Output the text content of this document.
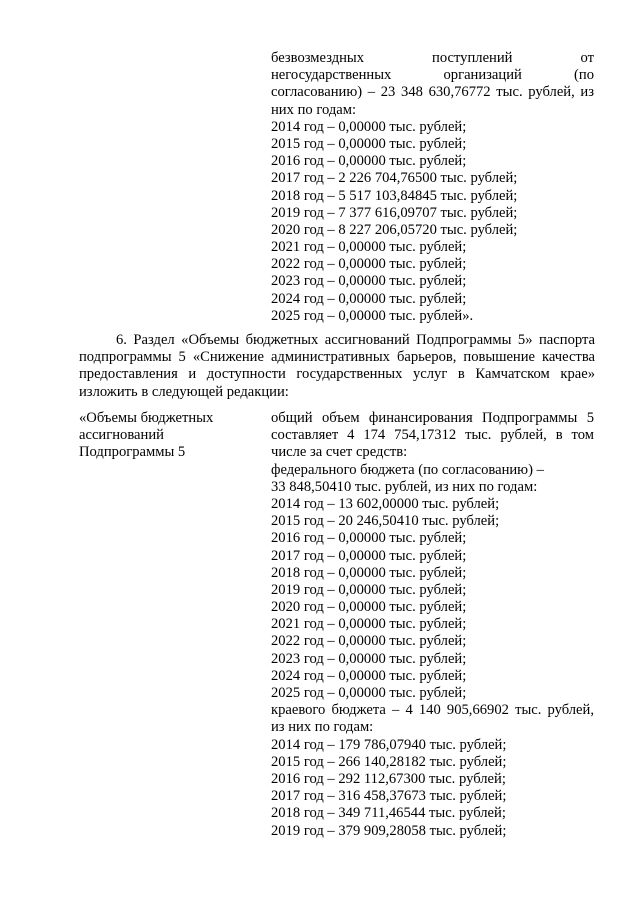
безвозмездных поступлений от
негосударственных организаций (по
согласованию) – 23 348 630,76772 тыс. рублей, из
них по годам:
2014 год – 0,00000 тыс. рублей;
2015 год – 0,00000 тыс. рублей;
2016 год – 0,00000 тыс. рублей;
2017 год – 2 226 704,76500 тыс. рублей;
2018 год – 5 517 103,84845 тыс. рублей;
2019 год – 7 377 616,09707 тыс. рублей;
2020 год – 8 227 206,05720 тыс. рублей;
2021 год – 0,00000 тыс. рублей;
2022 год – 0,00000 тыс. рублей;
2023 год – 0,00000 тыс. рублей;
2024 год – 0,00000 тыс. рублей;
2025 год – 0,00000 тыс. рублей».
6. Раздел «Объемы бюджетных ассигнований Подпрограммы 5» паспорта
подпрограммы 5 «Снижение административных барьеров, повышение качества
предоставления и доступности государственных услуг в Камчатском крае»
изложить в следующей редакции:
«Объемы бюджетных
ассигнований
Подпрограммы 5
общий объем финансирования Подпрограммы 5
составляет 4 174 754,17312 тыс. рублей, в том
числе за счет средств:
федерального бюджета (по согласованию) –
33 848,50410 тыс. рублей, из них по годам:
2014 год – 13 602,00000 тыс. рублей;
2015 год – 20 246,50410 тыс. рублей;
2016 год – 0,00000 тыс. рублей;
2017 год – 0,00000 тыс. рублей;
2018 год – 0,00000 тыс. рублей;
2019 год – 0,00000 тыс. рублей;
2020 год – 0,00000 тыс. рублей;
2021 год – 0,00000 тыс. рублей;
2022 год – 0,00000 тыс. рублей;
2023 год – 0,00000 тыс. рублей;
2024 год – 0,00000 тыс. рублей;
2025 год – 0,00000 тыс. рублей;
краевого бюджета – 4 140 905,66902 тыс. рублей,
из них по годам:
2014 год – 179 786,07940 тыс. рублей;
2015 год – 266 140,28182 тыс. рублей;
2016 год – 292 112,67300 тыс. рублей;
2017 год – 316 458,37673 тыс. рублей;
2018 год – 349 711,46544 тыс. рублей;
2019 год – 379 909,28058 тыс. рублей;
